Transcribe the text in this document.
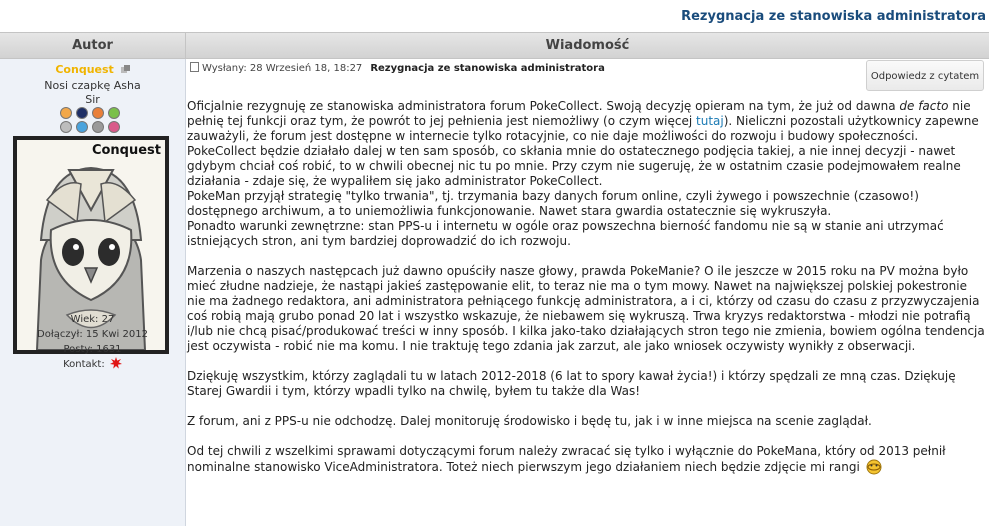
Rezygnacja ze stanowiska administratora
Autor	Wiadomość
Conquest
Nosi czapkę Asha
Sir
Conquest
Wiek: 27
Dołączył: 15 Kwi 2012
Posty: 1631
Kontakt:
Wysłany: 28 Wrzesień 18, 18:27 Rezygnacja ze stanowiska administratora
Odpowiedz z cytatem

Oficjalnie rezygnuję ze stanowiska administratora forum PokeCollect. Swoją decyzję opieram na tym, że już od dawna de facto nie pełnię tej funkcji oraz tym, że powrót to jej pełnienia jest niemożliwy (o czym więcej tutaj). Nieliczni pozostali użytkownicy zapewne zauważyli, że forum jest dostępne w internecie tylko rotacyjnie, co nie daje możliwości do rozwoju i budowy społeczności.

PokeCollect będzie działało dalej w ten sam sposób, co skłania mnie do ostatecznego podjęcia takiej, a nie innej decyzji - nawet gdybym chciał coś robić, to w chwili obecnej nic tu po mnie. Przy czym nie sugeruję, że w ostatnim czasie podejmowałem realne działania - zdaje się, że wypaliłem się jako administrator PokeCollect.

PokeMan przyjął strategię "tylko trwania", tj. trzymania bazy danych forum online, czyli żywego i powszechnie (czasowo!) dostępnego archiwum, a to uniemożliwia funkcjonowanie. Nawet stara gwardia ostatecznie się wykruszyła.

Ponadto warunki zewnętrzne: stan PPS-u i internetu w ogóle oraz powszechna bierność fandomu nie są w stanie ani utrzymać istniejących stron, ani tym bardziej doprowadzić do ich rozwoju.

Marzenia o naszych następcach już dawno opuściły nasze głowy, prawda PokeManie? O ile jeszcze w 2015 roku na PV można było mieć złudne nadzieje, że nastąpi jakieś zastępowanie elit, to teraz nie ma o tym mowy. Nawet na największej polskiej pokestronie nie ma żadnego redaktora, ani administratora pełniącego funkcję administratora, a i ci, którzy od czasu do czasu z przyzwyczajenia coś robią mają grubo ponad 20 lat i wszystko wskazuje, że niebawem się wykruszą. Trwa kryzys redaktorstwa - młodzi nie potrafią i/lub nie chcą pisać/produkować treści w inny sposób. I kilka jako-tako działających stron tego nie zmienia, bowiem ogólna tendencja jest oczywista - robić nie ma komu. I nie traktuję tego zdania jak zarzut, ale jako wniosek oczywisty wynikły z obserwacji.

Dziękuję wszystkim, którzy zaglądali tu w latach 2012-2018 (6 lat to spory kawał życia!) i którzy spędzali ze mną czas. Dziękuję Starej Gwardii i tym, którzy wpadli tylko na chwilę, byłem tu także dla Was!

Z forum, ani z PPS-u nie odchodzę. Dalej monitoruję środowisko i będę tu, jak i w inne miejsca na scenie zaglądał.

Od tej chwili z wszelkimi sprawami dotyczącymi forum należy zwracać się tylko i wyłącznie do PokeMana, który od 2013 pełnił nominalne stanowisko ViceAdministratora. Toteż niech pierwszym jego działaniem niech będzie zdjęcie mi rangi
